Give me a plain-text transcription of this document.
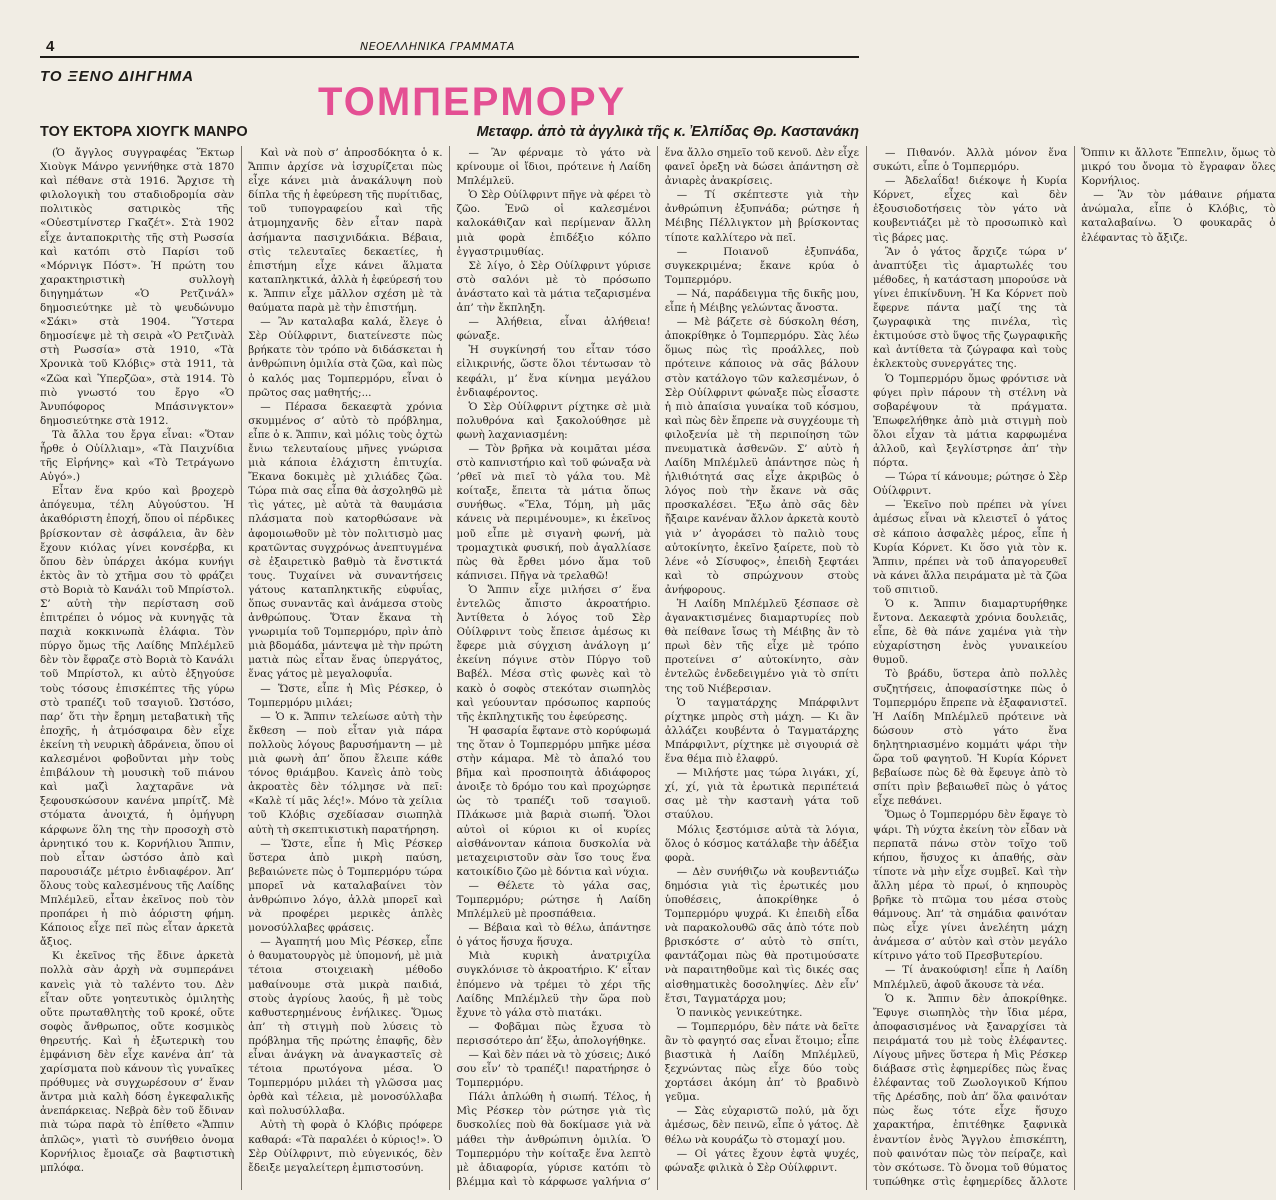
4	ΝΕΟΕΛΛΗΝΙΚΑ ΓΡΑΜΜΑΤΑ
ΤΟ ΞΕΝΟ ΔΙΗΓΗΜΑ
ΤΟΜΠΕΡΜΟΡΥ
ΤΟΥ ΕΚΤΟΡΑ ΧΙΟΥΓΚ ΜΑΝΡΟ	Μεταφρ. ἀπὸ τὰ ἀγγλικὰ τῆς κ. Ἐλπίδας Θρ. Καστανάκη

(Ὁ ἄγγλος συγγραφέας Ἕκτωρ Χιοὺγκ Μάνρο γεννήθηκε στὰ 1870 καὶ πέθανε στὰ 1916. Ἄρχισε τὴ φιλολογικὴ του σταδιοδρομία σὰν πολιτικὸς σατιρικὸς τῆς «Οὐεστμίνστερ Γκαζέτ». Στὰ 1902 εἶχε ἀνταποκριτὴς τῆς στὴ Ρωσσία καὶ κατόπι στὸ Παρίσι τοῦ «Μόρνιγκ Πόστ». Ἡ πρώτη του χαρακτηριστικὴ συλλογὴ διηγημάτων «Ὁ Ρετζινάλ» δημοσιεύτηκε μὲ τὸ ψευδώνυμο «Σάκι» στὰ 1904. Ὕστερα δημοσίεψε μὲ τὴ σειρὰ «Ὁ Ρετζινὰλ στὴ Ρωσσία» στὰ 1910, «Τὰ Χρονικὰ τοῦ Κλόβις» στὰ 1911, τὰ «Ζῶα καὶ Ὑπερζῶα», στὰ 1914. Τὸ πιὸ γνωστό του ἔργο «Ὁ Ἀνυπόφορος Μπάσινγκτον» δημοσιεύτηκε στὰ 1912.

Τὰ ἄλλα του ἔργα εἶναι: «Ὅταν ἦρθε ὁ Οὐίλλιαμ», «Τὰ Παιχνίδια τῆς Εἰρήνης» καὶ «Τὸ Τετράγωνο Αὐγό».)

Εἶταν ἕνα κρύο καὶ βροχερὸ ἀπόγευμα, τέλη Αὐγούστου. Ἡ ἀκαθόριστη ἐποχή, ὅπου οἱ πέρδικες βρίσκονταν σὲ ἀσφάλεια, ἂν δὲν ἔχουν κιόλας γίνει κονσέρβα, κι ὅπου δὲν ὑπάρχει ἀκόμα κυνήγι ἐκτὸς ἂν τὸ χτῆμα σου τὸ φράζει στὸ Βοριὰ τὸ Κανάλι τοῦ Μπρίστολ. Σ’ αὐτὴ τὴν περίσταση σοῦ ἐπιτρέπει ὁ νόμος νὰ κυνηγᾷς τὰ παχιὰ κοκκινωπὰ ἐλάφια. Τὸν πύργο ὅμως τῆς Λαίδης Μπλέμλεϋ δὲν τὸν ἔφραζε στὸ Βοριὰ τὸ Κανάλι τοῦ Μπρίστολ, κι αὐτὸ ἐξηγούσε τοὺς τόσους ἐπισκέπτες τῆς γύρω στὸ τραπέζι τοῦ τσαγιοῦ. Ὡστόσο, παρ’ ὅτι τὴν ἔρημη μεταβατικὴ τῆς ἐποχῆς, ἡ ἀτμόσφαιρα δὲν εἶχε ἐκείνη τὴ νευρικὴ ἀδράνεια, ὅπου οἱ καλεσμένοι φοβοῦνται μὴν τοὺς ἐπιβάλουν τὴ μουσικὴ τοῦ πιάνου καὶ μαζὶ λαχταρᾶνε νὰ ξεφουσκώσουν κανένα μπρίτζ. Μὲ στόματα ἀνοιχτά, ἡ ὁμήγυρη κάρφωνε ὅλη της τὴν προσοχὴ στὸ ἀρνητικό του κ. Κορνήλιου Ἄππιν, ποὺ εἶταν ὡστόσο ἀπὸ καὶ παρουσιάζε μέτριο ἐνδιαφέρον. Ἀπ’ ὅλους τοὺς καλεσμένους τῆς Λαίδης Μπλέμλεϋ, εἶταν ἐκεῖνος ποὺ τὸν προπάρει ἡ πιὸ ἀόριστη φήμη. Κάποιος εἶχε πεῖ πὼς εἶταν ἀρκετὰ ἄξιος.

Κι ἐκεῖνος τῆς ἔδινε ἀρκετὰ πολλὰ σὰν ἀρχὴ νὰ συμπεράνει κανεὶς γιὰ τὸ ταλέντο του. Δὲν εἶταν οὔτε γοητευτικὸς ὁμιλητὴς οὔτε πρωταθλητὴς τοῦ κροκέ, οὔτε σοφὸς ἄνθρωπος, οὔτε κοσμικὸς θηρευτής. Καὶ ἡ ἐξωτερικὴ του ἐμφάνιση δὲν εἶχε κανένα ἀπ’ τὰ χαρίσματα ποὺ κάνουν τὶς γυναῖκες πρόθυμες νὰ συγχωρέσουν σ’ ἕναν ἄντρα μιὰ καλὴ δόση ἐγκεφαλικῆς ἀνεπάρκειας. Νεβρὰ δὲν τοῦ ἔδιναν πιὰ τώρα παρὰ τὸ ἐπίθετο «Ἄππιν ἁπλῶς», γιατὶ τὸ συνήθειο ὀνομα Κορνήλιος ἔμοιαζε σὰ βαφτιστικὴ μπλόφα.

Καὶ νὰ ποὺ σ’ ἀπροσδόκητα ὁ κ. Ἄππιν ἀρχίσε νὰ ἰσχυρίζεται πὼς εἶχε κάνει μιὰ ἀνακάλυψη ποὺ δίπλα τῆς ἡ ἐφεύρεση τῆς πυρίτιδας, τοῦ τυπογραφείου καὶ τῆς ἀτμομηχανῆς δὲν εἶταν παρὰ ἀσήμαντα πασιχνιδάκια. Βέβαια, στὶς τελευταῖες δεκαετίες, ἡ ἐπιστήμη εἶχε κάνει ἅλματα καταπληκτικά, ἀλλὰ ἡ ἐφεύρεσή του κ. Ἄππιν εἶχε μᾶλλον σχέση μὲ τὰ θαύματα παρὰ μὲ τὴν ἐπιστήμη.

— Ἂν καταλαβα καλά, ἔλεγε ὁ Σὲρ Οὐίλφριντ, διατείνεστε πὼς βρήκατε τὸν τρόπο νὰ διδάσκεται ἡ ἀνθρώπινη ὁμιλία στὰ ζῶα, καὶ πὼς ὁ καλός μας Τομπερμόρυ, εἶναι ὁ πρῶτος σας μαθητής;...

— Πέρασα δεκαεφτὰ χρόνια σκυμμένος σ’ αὐτὸ τὸ πρόβλημα, εἶπε ὁ κ. Ἄππιν, καὶ μόλις τοὺς ὀχτὼ ἔνιω τελευταίους μῆνες γνώρισα μιὰ κάποια ἐλάχιστη ἐπιτυχία. Ἔκανα δοκιμὲς μὲ χιλιάδες ζῶα. Τώρα πιὰ σας εἶπα θὰ ἀσχοληθῶ μὲ τὶς γάτες, μὲ αὐτὰ τὰ θαυμάσια πλάσματα ποὺ κατορθώσανε νὰ ἀφομοιωθοῦν μὲ τὸν πολιτισμὸ μας κρατῶντας συγχρόνως ἀνεπτυγμένα σὲ ἐξαιρετικὸ βαθμὸ τὰ ἔνστικτά τους. Τυχαίνει νὰ συναντήσεις γάτους καταπληκτικῆς εὐφυΐας, ὅπως συναντᾶς καὶ ἀνάμεσα στοὺς ἀνθρώπους. Ὅταν ἔκανα τὴ γνωριμία τοῦ Τομπερμόρυ, πρὶν ἀπὸ μιὰ βδομάδα, μάντεψα μὲ τὴν πρώτη ματιὰ πὼς εἶταν ἕνας ὑπεργάτος, ἕνας γάτος μὲ μεγαλοφυΐα.

— Ὥστε, εἶπε ἡ Μὶς Ρέσκερ, ὁ Τομπερμόρυ μιλάει;

— Ὁ κ. Ἄππιν τελείωσε αὐτὴ τὴν ἔκθεση — ποὺ εἶταν γιὰ πάρα πολλοὺς λόγους βαρυσήμαντη — μὲ μιὰ φωνὴ ἀπ’ ὅπου ἔλειπε κάθε τόνος θριάμβου. Κανεὶς ἀπὸ τοὺς ἀκροατὲς δὲν τόλμησε νὰ πεῖ: «Καλὲ τί μᾶς λές!». Μόνο τὰ χείλια τοῦ Κλόβις σχεδίασαν σιωπηλὰ αὐτὴ τὴ σκεπτικιστικὴ παρατήρηση.

— Ὥστε, εἶπε ἡ Μὶς Ρέσκερ ὕστερα ἀπὸ μικρὴ παύση, βεβαιώνετε πὼς ὁ Τομπερμόρυ τώρα μπορεῖ νὰ καταλαβαίνει τὸν ἀνθρώπινο λόγο, ἀλλὰ μπορεῖ καὶ νὰ προφέρει μερικὲς ἁπλὲς μονοσύλλαβες φράσεις.

— Ἀγαπητή μου Μὶς Ρέσκερ, εἶπε ὁ θαυματουργὸς μὲ ὑπομονή, μὲ μιὰ τέτοια στοιχειακὴ μέθοδο μαθαίνουμε στὰ μικρὰ παιδιά, στοὺς ἀγρίους λαούς, ἢ μὲ τοὺς καθυστερημένους ἐνήλικες. Ὅμως ἀπ’ τὴ στιγμὴ ποὺ λύσεις τὸ πρόβλημα τῆς πρώτης ἐπαφῆς, δὲν εἶναι ἀνάγκη νὰ ἀναγκαστεῖς σὲ τέτοια πρωτόγονα μέσα. Ὁ Τομπερμόρυ μιλάει τὴ γλῶσσα μας ὀρθὰ καὶ τέλεια, μὲ μονοσύλλαβα καὶ πολυσύλλαβα.

Αὐτὴ τὴ φορὰ ὁ Κλόβις πρόφερε καθαρά: «Τὰ παραλέει ὁ κύριος!». Ὁ Σὲρ Οὐίλφριντ, πιὸ εὐγενικός, δὲν ἔδειξε μεγαλείτερη ἐμπιστοσύνη.

— Ἂν φέρναμε τὸ γάτο νὰ κρίνουμε οἱ ἴδιοι, πρότεινε ἡ Λαίδη Μπλέμλεϋ.

Ὁ Σὲρ Οὐίλφριντ πῆγε νὰ φέρει τὸ ζῶο. Ἐνῶ οἱ καλεσμένοι καλοκάθιζαν καὶ περίμεναν ἄλλη μιὰ φορὰ ἐπιδέξιο κόλπο ἐγγαστριμυθίας.

Σὲ λίγο, ὁ Σὲρ Οὐίλφριντ γύρισε στὸ σαλόνι μὲ τὸ πρόσωπο ἀνάστατο καὶ τὰ μάτια τεζαρισμένα ἀπ’ τὴν ἔκπληξη.

— Ἀλήθεια, εἶναι ἀλήθεια! φώναξε.

Ἡ συγκίνησή του εἶταν τόσο εἰλικρινής, ὥστε ὅλοι τέντωσαν τὸ κεφάλι, μ’ ἕνα κίνημα μεγάλου ἐνδιαφέροντος.

Ὁ Σὲρ Οὐίλφριντ ρίχτηκε σὲ μιὰ πολυθρόνα καὶ ξακολούθησε μὲ φωνὴ λαχανιασμένη:

— Τὸν βρῆκα νὰ κοιμᾶται μέσα στὸ καπνιστήριο καὶ τοῦ φώναξα νὰ ’ρθεῖ νὰ πιεῖ τὸ γάλα του. Μὲ κοίταξε, ἔπειτα τὰ μάτια ὅπως συνήθως. «Ἔλα, Τόμη, μὴ μᾶς κάνεις νὰ περιμένουμε», κι ἐκεῖνος μοῦ εἶπε μὲ σιγανὴ φωνή, μὰ τρομαχτικὰ φυσική, ποὺ ἀγαλλίασε πὼς θὰ ἔρθει μόνο ἅμα τοῦ κάπνισει. Πῆγα νὰ τρελαθῶ!

Ὁ Ἄππιν εἶχε μιλήσει σ’ ἕνα ἐντελῶς ἄπιστο ἀκροατήριο. Ἀντίθετα ὁ λόγος τοῦ Σὲρ Οὐίλφριντ τοὺς ἔπεισε ἀμέσως κι ἔφερε μιὰ σύγχιση ἀνάλογη μ’ ἐκείνη πόγινε στὸν Πύργο τοῦ Βαβέλ. Μέσα στὶς φωνὲς καὶ τὸ κακὸ ὁ σοφὸς στεκόταν σιωπηλὸς καὶ γεύουνταν πρόσωπος καρπούς τῆς ἐκπληχτικῆς του ἐφεύρεσης.

Ἡ φασαρία ἔφτανε στὸ κορύφωμά της ὅταν ὁ Τομπερμόρυ μπῆκε μέσα στὴν κάμαρα. Μὲ τὸ ἁπαλό του βῆμα καὶ προσποιητὰ ἀδιάφορος ἀνοιξε τὸ δρόμο του καὶ προχώρησε ὡς τὸ τραπέζι τοῦ τσαγιοῦ. Πλάκωσε μιὰ βαριὰ σιωπή. Ὅλοι αὐτοὶ οἱ κύριοι κι οἱ κυρίες αἰσθάνονταν κάποια δυσκολία νὰ μεταχειριστοῦν σὰν ἴσο τους ἕνα κατοικίδιο ζῶο μὲ δόντια καὶ νύχια.

— Θέλετε τὸ γάλα σας, Τομπερμόρυ; ρώτησε ἡ Λαίδη Μπλέμλεϋ μὲ προσπάθεια.

— Βέβαια καὶ τὸ θέλω, ἀπάντησε ὁ γάτος ἥσυχα ἥσυχα.

Μιὰ κυρικὴ ἀνατριχίλα συγκλόνισε τὸ ἀκροατήριο. Κ’ εἶταν ἐπόμενο νὰ τρέμει τὸ χέρι τῆς Λαίδης Μπλέμλεϋ τὴν ὥρα ποὺ ἔχυνε τὸ γάλα στὸ πιατάκι.

— Φοβᾶμαι πὼς ἔχυσα τὸ περισσότερο ἀπ’ ἔξω, ἀπολογήθηκε.

— Καὶ δὲν πάει νὰ τὸ χύσεις; Δικό σου εἶν’ τὸ τραπέζι! παρατήρησε ὁ Τομπερμόρυ.

Πάλι ἁπλώθη ἡ σιωπή. Τέλος, ἡ Μὶς Ρέσκερ τὸν ρώτησε γιὰ τὶς δυσκολίες ποὺ θὰ δοκίμασε γιὰ νὰ μάθει τὴν ἀνθρώπινη ὁμιλία. Ὁ Τομπερμόρυ τὴν κοίταξε ἕνα λεπτὸ μὲ ἀδιαφορία, γύρισε κατόπι τὸ βλέμμα καὶ τὸ κάρφωσε γαλήνια σ’ ἕνα ἄλλο σημεῖο τοῦ κενοῦ. Δὲν εἶχε φανεῖ ὀρεξη νὰ δώσει ἀπάντηση σὲ ἀνιαρὲς ἀνακρίσεις.

— Τί σκέπτεστε γιὰ τὴν ἀνθρώπινη ἐξυπνάδα; ρώτησε ἡ Μέιβης Πέλλιγκτον μὴ βρίσκοντας τίποτε καλλίτερο νὰ πεῖ.

— Ποιανοῦ ἐξυπνάδα, συγκεκριμένα; ἔκανε κρύα ὁ Τομπερμόρυ.

— Νά, παράδειγμα τῆς δικῆς μου, εἶπε ἡ Μέιβης γελώντας ἄνοστα.

— Μὲ βάζετε σὲ δύσκολη θέση, ἀποκρίθηκε ὁ Τομπερμόρυ. Σὰς λέω ὅμως πὼς τὶς προάλλες, ποὺ πρότεινε κάποιος νὰ σᾶς βάλουν στὸν κατάλογο τῶν καλεσμένων, ὁ Σὲρ Οὐίλφριντ φώναξε πὼς εἶσαστε ἡ πιὸ ἀπαίσια γυναίκα τοῦ κόσμου, καὶ πὼς δὲν ἔπρεπε νὰ συγχέουμε τὴ φιλοξενία μὲ τὴ περιποίηση τῶν πνευματικὰ ἀσθενῶν. Σ’ αὐτὸ ἡ Λαίδη Μπλέμλεϋ ἀπάντησε πὼς ἡ ἠλιθιότητά σας εἶχε ἀκριβῶς ὁ λόγος ποὺ τὴν ἔκανε νὰ σᾶς προσκαλέσει. Ἔξω ἀπὸ σᾶς δὲν ἤξαιρε κανέναν ἄλλον ἀρκετὰ κουτὸ γιὰ ν’ ἀγοράσει τὸ παλιὸ τους αὐτοκίνητο, ἐκεῖνο ξαίρετε, ποὺ τὸ λένε «ὁ Σίσυφος», ἐπειδὴ ξεφτάει καὶ τὸ σπρώχνουν στοὺς ἀνήφορους.

Ἡ Λαίδη Μπλέμλεϋ ξέσπασε σὲ ἀγανακτισμένες διαμαρτυρίες ποὺ θὰ πείθανε ἴσως τὴ Μέιβης ἂν τὸ πρωὶ δὲν τῆς εἶχε μὲ τρόπο προτείνει σ’ αὐτοκίνητο, σὰν ἐντελῶς ἐνδεδειγμένο γιὰ τὸ σπίτι της τοῦ Νιέβερσιαν.

Ὁ ταγματάρχης Μπάρφιλντ ρίχτηκε μπρὸς στὴ μάχη. — Κι ἂν ἀλλάζει κουβέντα ὁ Ταγματάρχης Μπάρφιλντ, ρίχτηκε μὲ σιγουριά σὲ ἕνα θέμα πιὸ ἐλαφρύ.

— Μιλήστε μας τώρα λιγάκι, χί, χί, χί, γιὰ τὰ ἐρωτικὰ περιπέτειά σας μὲ τὴν καστανὴ γάτα τοῦ σταύλου.

Μόλις ξεστόμισε αὐτὰ τὰ λόγια, ὅλος ὁ κόσμος κατάλαβε τὴν ἀδέξια φορὰ.

— Δὲν συνήθιζω νὰ κουβεντιάζω δημόσια γιὰ τὶς ἐρωτικές μου ὑποθέσεις, ἀποκρίθηκε ὁ Τομπερμόρυ ψυχρά. Κι ἐπειδὴ εἶδα νὰ παρακολουθῶ σᾶς ἀπὸ τότε ποὺ βρισκόστε σ’ αὐτὸ τὸ σπίτι, φαντάζομαι πὼς θὰ προτιμούσατε νὰ παραιτηθοῦμε καὶ τὶς δικές σας αἰσθηματικὲς δοσοληψίες. Δὲν εἶν’ ἔτσι, Ταγματάρχα μου;

Ὁ πανικὸς γενικεύτηκε.

— Τομπερμόρυ, δὲν πάτε νὰ δεῖτε ἂν τὸ φαγητό σας εἶναι ἕτοιμο; εἶπε βιαστικὰ ἡ Λαίδη Μπλέμλεϋ, ξεχνώντας πὼς εἶχε δύο τοὺς χορτάσει ἀκόμη ἀπ’ τὸ βραδινὸ γεῦμα.

— Σὰς εὐχαριστῶ πολύ, μὰ ὅχι ἀμέσως, δὲν πεινῶ, εἶπε ὁ γάτος. Δὲ θέλω νὰ κουράζω τὸ στομαχί μου.

— Οἱ γάτες ἔχουν ἐφτὰ ψυχές, φώναξε φιλικὰ ὁ Σὲρ Οὐίλφριντ.

— Πιθανόν. Ἀλλὰ μόνον ἕνα συκώτι, εἶπε ὁ Τομπερμόρυ.

— Ἀδελαΐδα! διέκοψε ἡ Κυρία Κόρνετ, εἶχες καὶ δὲν ἐξουσιοδοτήσεις τὸν γάτο νὰ κουβεντιάζει μὲ τὸ προσωπικὸ καὶ τὶς βάρες μας.

Ἂν ὁ γάτος ἄρχιζε τώρα ν’ ἀναπτύξει τὶς ἀμαρτωλές του μέθοδες, ἡ κατάσταση μπορούσε νὰ γίνει ἐπικίνδυνη. Ἡ Κα Κόρνετ ποὺ ἔφερνε πάντα μαζί της τὰ ζωγραφικὰ της πινέλα, τὶς ἐκτιμούσε στὸ ὕψος τῆς ζωγραφικῆς καὶ ἀντίθετα τὰ ζώγραφα καὶ τοὺς ἐκλεκτοὺς συνεργάτες της.

Ὁ Τομπερμόρυ ὅμως φρόντισε νὰ φύγει πρὶν πάρουν τὴ στέλνη νὰ σοβαρέψουν τὰ πράγματα. Ἐπωφελήθηκε ἀπὸ μιὰ στιγμὴ ποὺ ὅλοι εἶχαν τὰ μάτια καρφωμένα ἀλλοῦ, καὶ ξεγλίστρησε ἀπ’ τὴν πόρτα.

— Τώρα τί κάνουμε; ρώτησε ὁ Σὲρ Οὐίλφριντ.

— Ἐκεῖνο ποὺ πρέπει νὰ γίνει ἀμέσως εἶναι νὰ κλειστεῖ ὁ γάτος σὲ κάποιο ἀσφαλὲς μέρος, εἶπε ἡ Κυρία Κόρνετ. Κι ὅσο γιὰ τὸν κ. Ἄππιν, πρέπει νὰ τοῦ ἀπαγορευθεῖ νὰ κάνει ἄλλα πειράματα μὲ τὰ ζῶα τοῦ σπιτιοῦ.

Ὁ κ. Ἄππιν διαμαρτυρήθηκε ἔντονα. Δεκαεφτὰ χρόνια δουλειᾶς, εἶπε, δὲ θὰ πάνε χαμένα γιὰ τὴν εὐχαρίστηση ἑνὸς γυναικείου θυμοῦ.

Τὸ βράδυ, ὕστερα ἀπὸ πολλὲς συζητήσεις, ἀποφασίστηκε πὼς ὁ Τομπερμόρυ ἔπρεπε νὰ ἐξαφανιστεῖ. Ἡ Λαίδη Μπλέμλεϋ πρότεινε νὰ δώσουν στὸ γάτο ἕνα δηλητηριασμένο κομμάτι ψάρι τὴν ὥρα τοῦ φαγητοῦ. Ἡ Κυρία Κόρνετ βεβαίωσε πὼς δὲ θὰ ἔφευγε ἀπὸ τὸ σπίτι πρὶν βεβαιωθεῖ πὼς ὁ γάτος εἶχε πεθάνει.

Ὅμως ὁ Τομπερμόρυ δὲν ἔφαγε τὸ ψάρι. Τὴ νύχτα ἐκείνη τὸν εἶδαν νὰ περπατᾶ πάνω στὸν τοῖχο τοῦ κήπου, ἥσυχος κι ἀπαθής, σὰν τίποτε νὰ μὴν εἶχε συμβεῖ. Καὶ τὴν ἄλλη μέρα τὸ πρωί, ὁ κηπουρὸς βρῆκε τὸ πτῶμα του μέσα στοὺς θάμνους. Ἀπ’ τὰ σημάδια φαινόταν πὼς εἶχε γίνει ἀνελέητη μάχη ἀνάμεσα σ’ αὐτὸν καὶ στὸν μεγάλο κίτρινο γάτο τοῦ Πρεσβυτερίου.

— Τί ἀνακούφιση! εἶπε ἡ Λαίδη Μπλέμλεϋ, ἀφοῦ ἄκουσε τὰ νέα.

Ὁ κ. Ἄππιν δὲν ἀποκρίθηκε. Ἔφυγε σιωπηλὸς τὴν ἴδια μέρα, ἀποφασισμένος νὰ ξαναρχίσει τὰ πειράματά του μὲ τοὺς ἐλέφαντες. Λίγους μῆνες ὕστερα ἡ Μὶς Ρέσκερ διάβασε στὶς ἐφημερίδες πὼς ἕνας ἐλέφαντας τοῦ Ζωολογικοῦ Κήπου τῆς Δρέσδης, ποὺ ἀπ’ ὅλα φαινόταν πὼς ἕως τότε εἶχε ἥσυχο χαρακτήρα, ἐπιτέθηκε ξαφνικὰ ἐναντίον ἑνὸς Ἄγγλου ἐπισκέπτη, ποὺ φαινόταν πὼς τὸν πείραζε, καὶ τὸν σκότωσε. Τὸ ὄνομα τοῦ θύματος τυπώθηκε στὶς ἐφημερίδες ἄλλοτε Ὄππιν κι ἄλλοτε Ἔππελιν, ὅμως τὸ μικρό του ὄνομα τὸ ἔγραφαν ὅλες Κορνήλιος.

— Ἂν τὸν μάθαινε ρήματα ἀνώμαλα, εἶπε ὁ Κλόβις, τὸ καταλαβαίνω. Ὁ φουκαρᾶς ὁ ἐλέφαντας τὸ ἄξιζε.
